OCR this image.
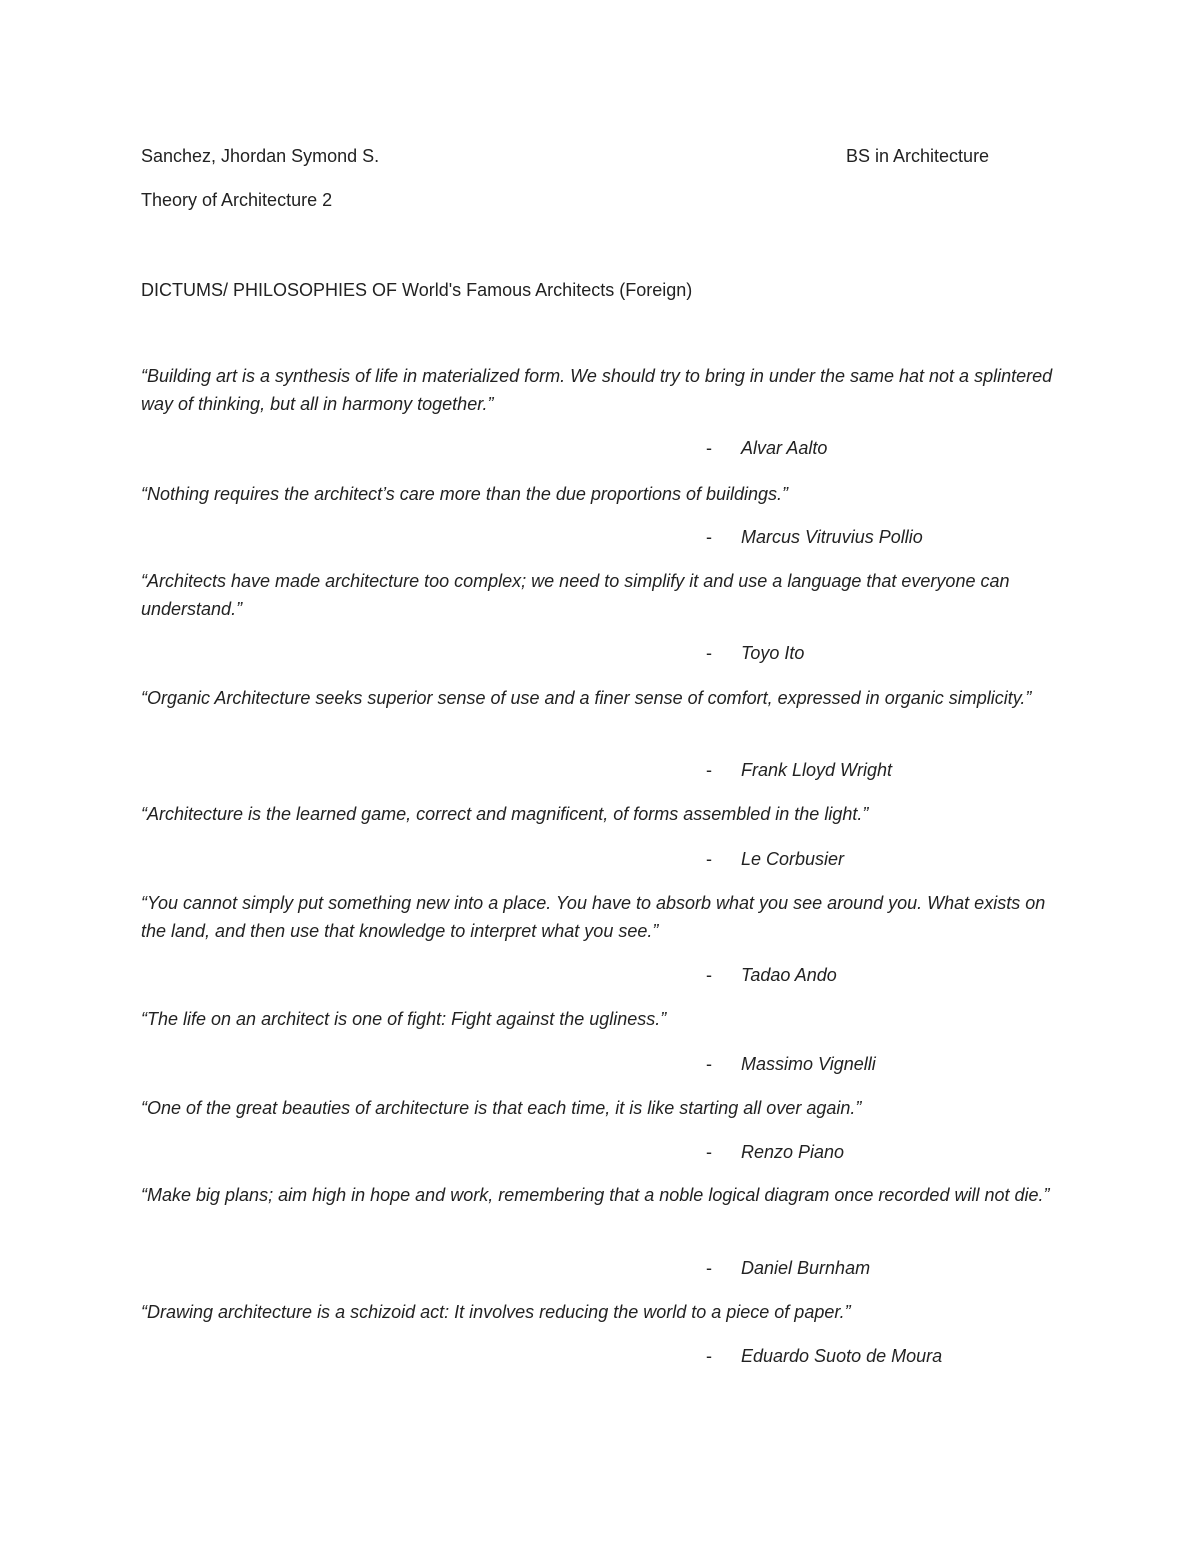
Sanchez, Jhordan Symond S.	BS in Architecture
Theory of Architecture 2
DICTUMS/ PHILOSOPHIES OF World's Famous Architects (Foreign)
“Building art is a synthesis of life in materialized form. We should try to bring in under the same hat not a splintered way of thinking, but all in harmony together.”
- Alvar Aalto
“Nothing requires the architect’s care more than the due proportions of buildings.”
- Marcus Vitruvius Pollio
“Architects have made architecture too complex; we need to simplify it and use a language that everyone can understand.”
- Toyo Ito
“Organic Architecture seeks superior sense of use and a finer sense of comfort, expressed in organic simplicity.”
- Frank Lloyd Wright
“Architecture is the learned game, correct and magnificent, of forms assembled in the light.”
- Le Corbusier
“You cannot simply put something new into a place. You have to absorb what you see around you. What exists on the land, and then use that knowledge to interpret what you see.”
- Tadao Ando
“The life on an architect is one of fight: Fight against the ugliness.”
- Massimo Vignelli
“One of the great beauties of architecture is that each time, it is like starting all over again.”
- Renzo Piano
“Make big plans; aim high in hope and work, remembering that a noble logical diagram once recorded will not die.”
- Daniel Burnham
“Drawing architecture is a schizoid act: It involves reducing the world to a piece of paper.”
- Eduardo Suoto de Moura
